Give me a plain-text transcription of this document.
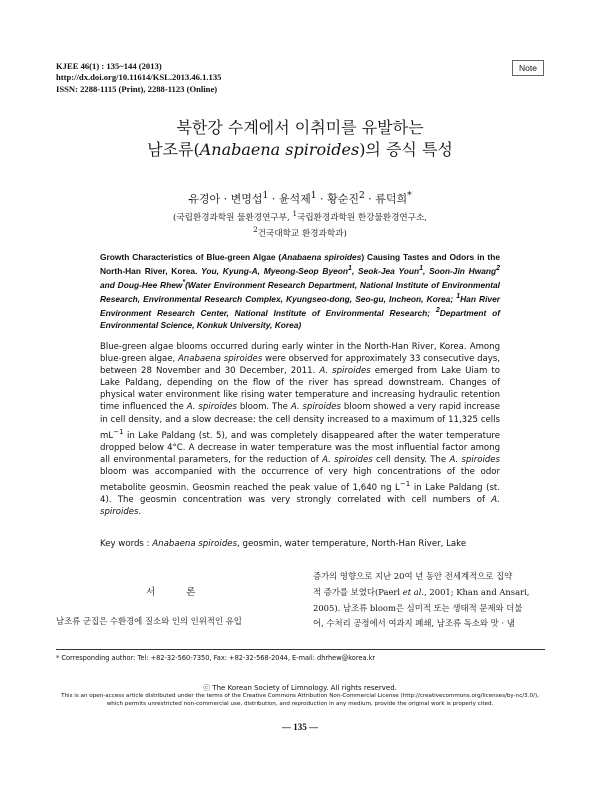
KJEE 46(1) : 135~144 (2013)
http://dx.doi.org/10.11614/KSL.2013.46.1.135
ISSN: 2288-1115 (Print), 2288-1123 (Online)
Note
북한강 수계에서 이취미를 유발하는
남조류(Anabaena spiroides)의 증식 특성
유경아 · 변명섭$^1$ · 윤석제$^1$ · 황순진$^2$ · 류덕희*
(국립환경과학원 물환경연구부, $^1$국립환경과학원 한강물환경연구소,
$^2$건국대학교 환경과학과)
Growth Characteristics of Blue-green Algae (Anabaena spiroides) Causing Tastes and Odors in the North-Han River, Korea. You, Kyung-A, Myeong-Seop Byeon$^1$, Seok-Jea Youn$^1$, Soon-Jin Hwang$^2$ and Doug-Hee Rhew*(Water Environment Research Department, National Institute of Environmental Research, Environmental Research Complex, Kyungseo-dong, Seo-gu, Incheon, Korea; $^1$Han River Environment Research Center, National Institute of Environmental Research; $^2$Department of Environmental Science, Konkuk University, Korea)
Blue-green algae blooms occurred during early winter in the North-Han River, Korea. Among blue-green algae, Anabaena spiroides were observed for approximately 33 consecutive days, between 28 November and 30 December, 2011. A. spiroides emerged from Lake Uiam to Lake Paldang, depending on the flow of the river has spread downstream. Changes of physical water environment like rising water temperature and increasing hydraulic retention time influenced the A. spiroides bloom. The A. spiroides bloom showed a very rapid increase in cell density, and a slow decrease: the cell density increased to a maximum of 11,325 cells $mL^{-1}$ in Lake Paldang (st. 5), and was completely disappeared after the water temperature dropped below 4°C. A decrease in water temperature was the most influential factor among all environmental parameters, for the reduction of A. spiroides cell density. The A. spiroides bloom was accompanied with the occurrence of very high concentrations of the odor metabolite geosmin. Geosmin reached the peak value of 1,640 ng $L^{-1}$ in Lake Paldang (st. 4). The geosmin concentration was very strongly correlated with cell numbers of A. spiroides.
Key words : Anabaena spiroides, geosmin, water temperature, North-Han River, Lake
서 론
남조류 군집은 수환경에 질소와 인의 인위적인 유입
증가의 영향으로 지난 20여 년 동안 전세계적으로 집약
적 증가를 보였다(Paerl et al., 2001; Khan and Ansari,
2005). 남조류 bloom은 심미적 또는 생태적 문제와 더불
어, 수처리 공정에서 여과지 폐쇄, 남조류 독소와 맛 · 냄
* Corresponding author: Tel: +82-32-560-7350, Fax: +82-32-568-2044, E-mail: dhrhew@korea.kr
ⓒ The Korean Society of Limnology. All rights reserved.
This is an open-access article distributed under the terms of the Creative Commons Attribution Non-Commercial License (http://creativecommons.org/licenses/by-nc/3.0/),
which permits unrestricted non-commercial use, distribution, and reproduction in any medium, provide the original work is properly cited.
— 135 —
